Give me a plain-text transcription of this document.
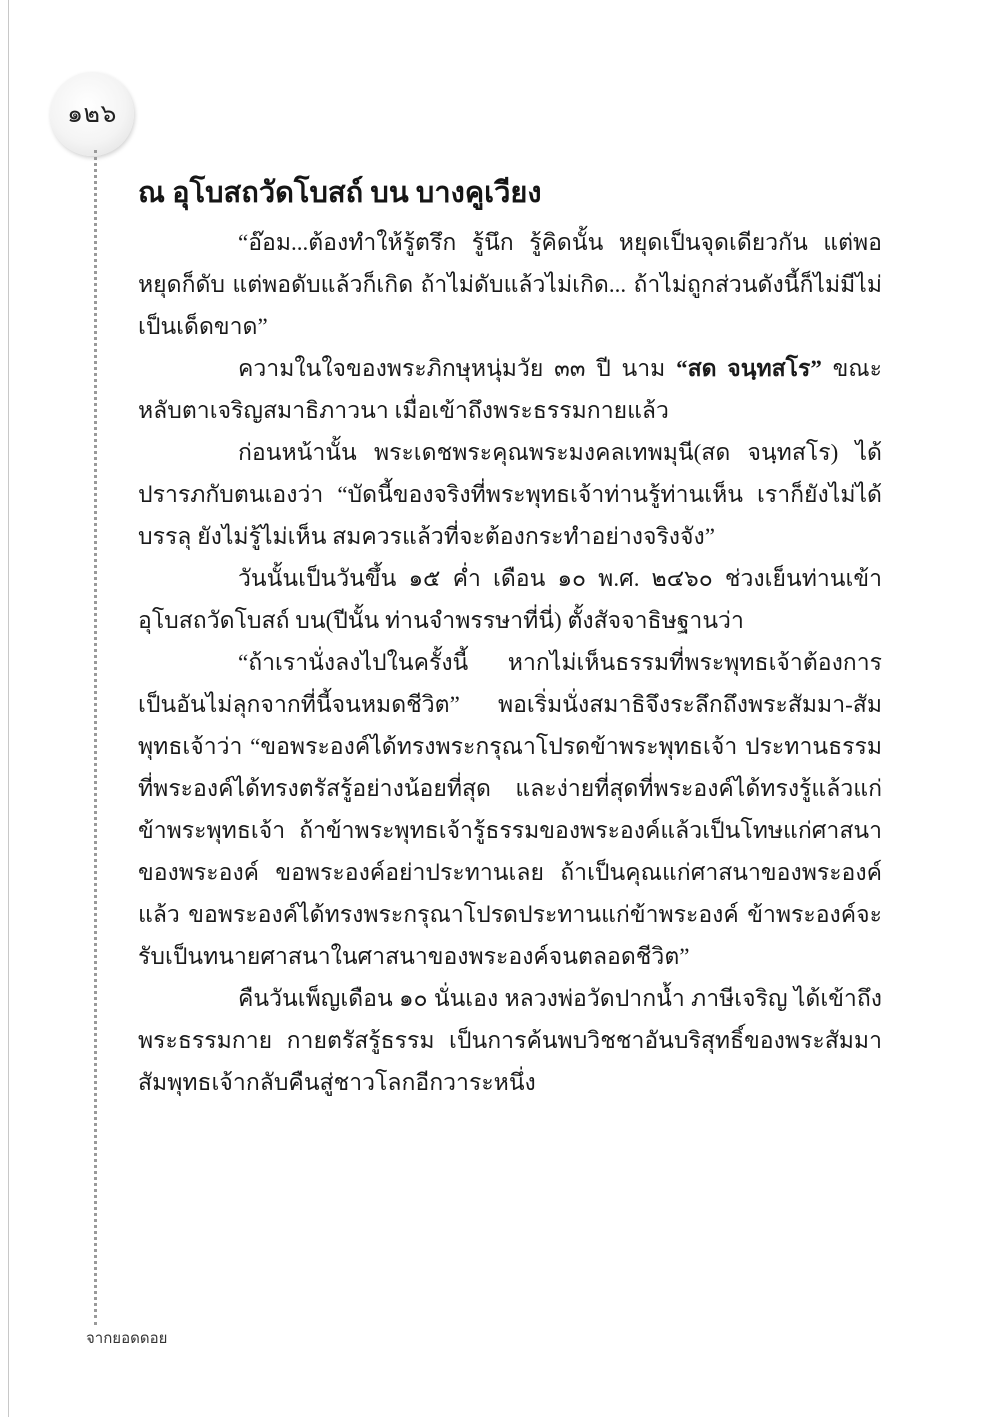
๑๒๖
ณ อุโบสถวัดโบสถ์ บน บางคูเวียง

“อ๊อม...ต้องทำให้รู้ตรึก รู้นึก รู้คิดนั้น หยุดเป็นจุดเดียวกัน แต่พอหยุดก็ดับ แต่พอดับแล้วก็เกิด ถ้าไม่ดับแล้วไม่เกิด... ถ้าไม่ถูกส่วนดังนี้ก็ไม่มีไม่เป็นเด็ดขาด”

ความในใจของพระภิกษุหนุ่มวัย ๓๓ ปี นาม “สด จนฺทสโร” ขณะหลับตาเจริญสมาธิภาวนา เมื่อเข้าถึงพระธรรมกายแล้ว

ก่อนหน้านั้น พระเดชพระคุณพระมงคลเทพมุนี(สด จนฺทสโร) ได้ปรารภกับตนเองว่า “บัดนี้ของจริงที่พระพุทธเจ้าท่านรู้ท่านเห็น เราก็ยังไม่ได้บรรลุ ยังไม่รู้ไม่เห็น สมควรแล้วที่จะต้องกระทำอย่างจริงจัง”

วันนั้นเป็นวันขึ้น ๑๕ ค่ำ เดือน ๑๐ พ.ศ. ๒๔๖๐ ช่วงเย็นท่านเข้าอุโบสถวัดโบสถ์ บน(ปีนั้น ท่านจำพรรษาที่นี่) ตั้งสัจจาธิษฐานว่า

“ถ้าเรานั่งลงไปในครั้งนี้ หากไม่เห็นธรรมที่พระพุทธเจ้าต้องการเป็นอันไม่ลุกจากที่นี้จนหมดชีวิต” พอเริ่มนั่งสมาธิจึงระลึกถึงพระสัมมา-สัมพุทธเจ้าว่า “ขอพระองค์ได้ทรงพระกรุณาโปรดข้าพระพุทธเจ้า ประทานธรรมที่พระองค์ได้ทรงตรัสรู้อย่างน้อยที่สุด และง่ายที่สุดที่พระองค์ได้ทรงรู้แล้วแก่ข้าพระพุทธเจ้า ถ้าข้าพระพุทธเจ้ารู้ธรรมของพระองค์แล้วเป็นโทษแก่ศาสนาของพระองค์ ขอพระองค์อย่าประทานเลย ถ้าเป็นคุณแก่ศาสนาของพระองค์แล้ว ขอพระองค์ได้ทรงพระกรุณาโปรดประทานแก่ข้าพระองค์ ข้าพระองค์จะรับเป็นทนายศาสนาในศาสนาของพระองค์จนตลอดชีวิต”

คืนวันเพ็ญเดือน ๑๐ นั่นเอง หลวงพ่อวัดปากน้ำ ภาษีเจริญ ได้เข้าถึงพระธรรมกาย กายตรัสรู้ธรรม เป็นการค้นพบวิชชาอันบริสุทธิ์ของพระสัมมาสัมพุทธเจ้ากลับคืนสู่ชาวโลกอีกวาระหนึ่ง

จากยอดดอย
